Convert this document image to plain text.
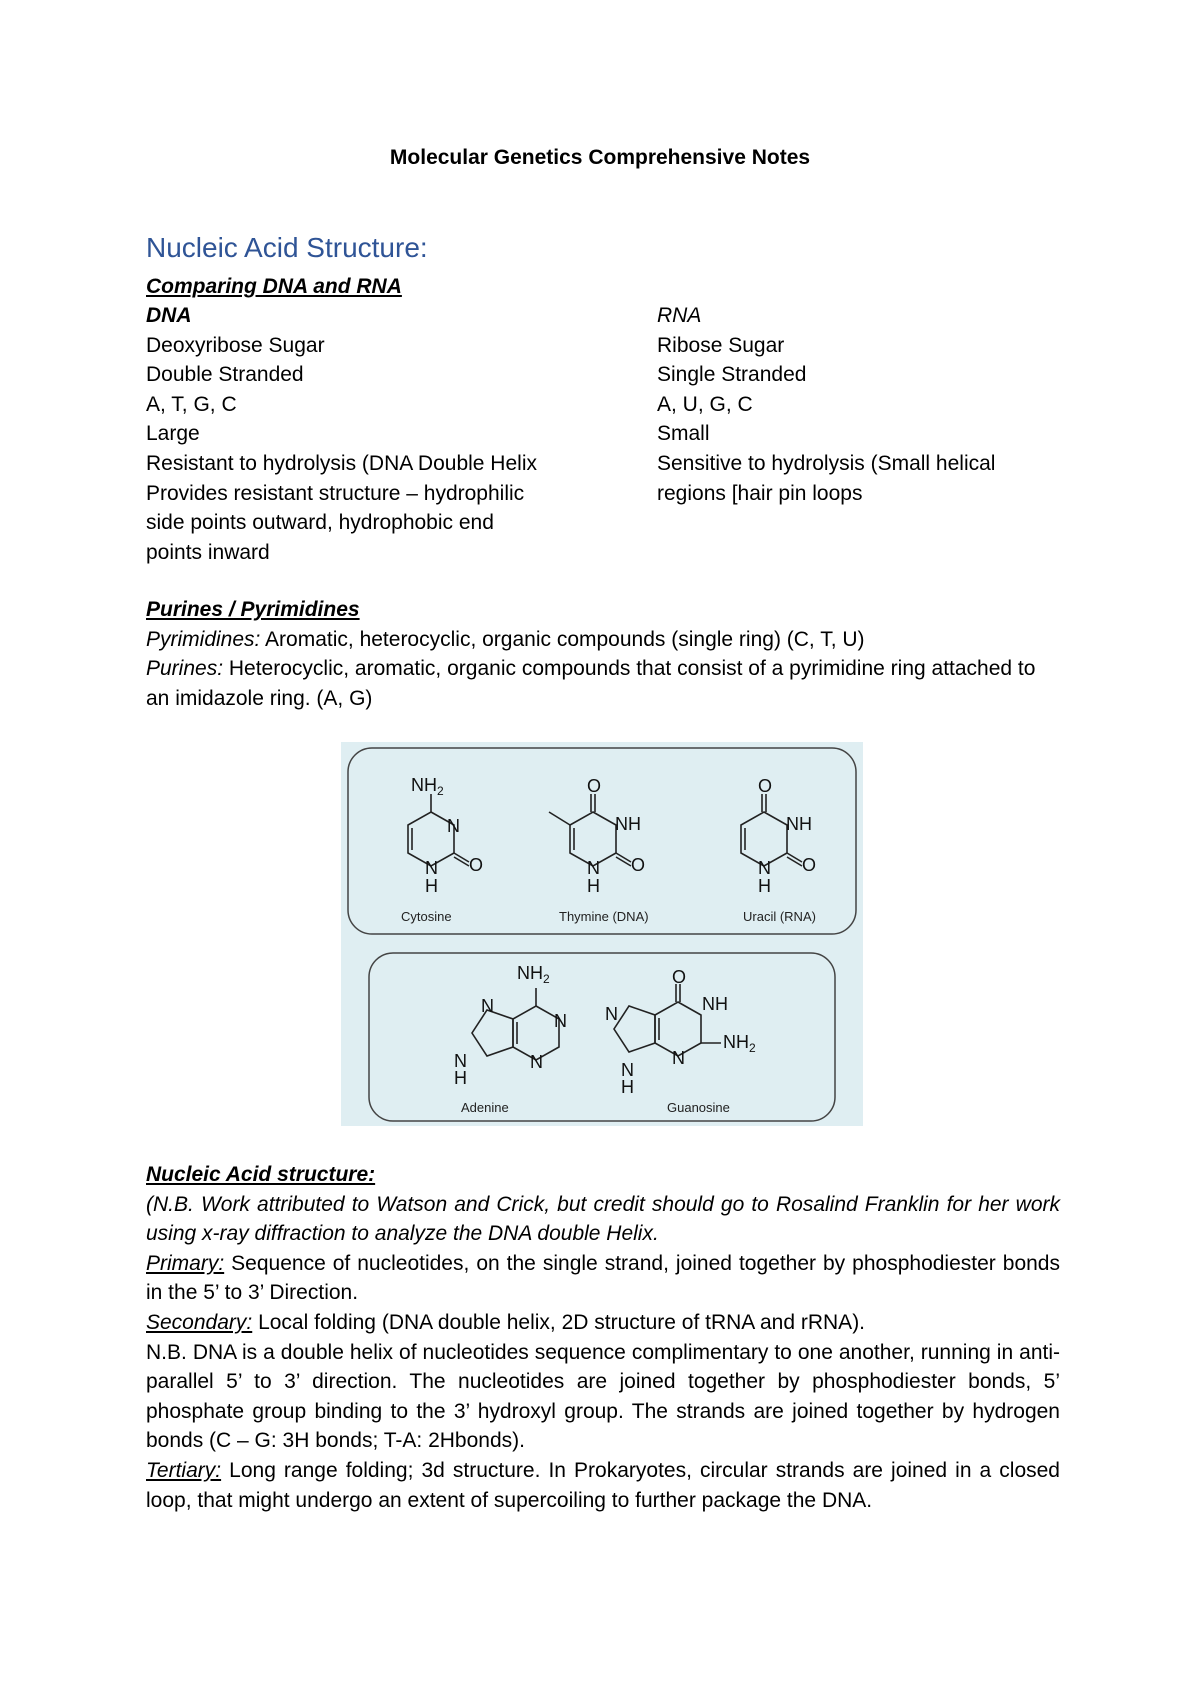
Molecular Genetics Comprehensive Notes
Nucleic Acid Structure:
Comparing DNA and RNA
DNA
Deoxyribose Sugar
Double Stranded
A, T, G, C
Large
Resistant to hydrolysis (DNA Double Helix
Provides resistant structure – hydrophilic
side points outward, hydrophobic end
points inward
RNA
Ribose Sugar
Single Stranded
A, U, G, C
Small
Sensitive to hydrolysis (Small helical
regions [hair pin loops
Purines / Pyrimidines
Pyrimidines: Aromatic, heterocyclic, organic compounds (single ring) (C, T, U)
Purines: Heterocyclic, aromatic, organic compounds that consist of a pyrimidine ring attached to an imidazole ring. (A, G)
$NH_2$
N
N
H
O
Cytosine
O
NH
N
H
O
Thymine (DNA)
O
NH
N
H
O
Uracil (RNA)
$NH_2$
N
N
N
N
H
Adenine
O
NH
N
$NH_2$
N
N
H
Guanosine

Nucleic Acid structure:

(N.B. Work attributed to Watson and Crick, but credit should go to Rosalind Franklin for her work using x-ray diffraction to analyze the DNA double Helix.

Primary: Sequence of nucleotides, on the single strand, joined together by phosphodiester bonds in the 5’ to 3’ Direction.

Secondary: Local folding (DNA double helix, 2D structure of tRNA and rRNA).

N.B. DNA is a double helix of nucleotides sequence complimentary to one another, running in anti-parallel 5’ to 3’ direction. The nucleotides are joined together by phosphodiester bonds, 5’ phosphate group binding to the 3’ hydroxyl group. The strands are joined together by hydrogen bonds (C – G: 3H bonds; T-A: 2Hbonds).

Tertiary: Long range folding; 3d structure. In Prokaryotes, circular strands are joined in a closed loop, that might undergo an extent of supercoiling to further package the DNA.
